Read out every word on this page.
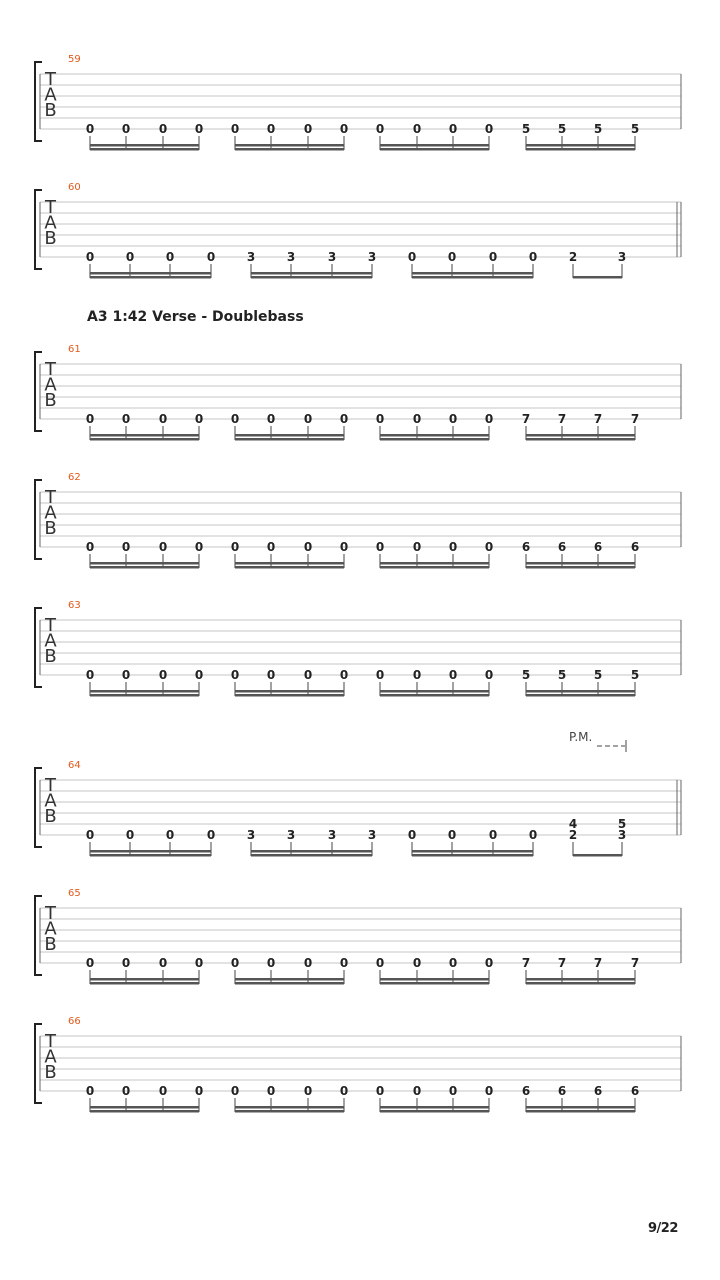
59
T
A
B
0 0 0 0 0 0 0 0 0 0 0 0 5 5 5 5
60
T
A
B
0	0	0	0	3	3	3	3	0	0	0	0	2	3
61
T
A
B
0 0 0 0 0 0 0 0 0 0 0 0 7 7 7 7
62
T
A
B
0 0 0 0 0 0 0 0 0 0 0 0 6 6 6 6
63
T
A
B
0 0 0 0 0 0 0 0 0 0 0 0 5 5 5 5
64
T
A
B
0	0	0	0	3	3	3	3	0	0	0	0	2	3
4	5
65
T
A
B
0 0 0 0 0 0 0 0 0 0 0 0 7 7 7 7
66
T
A
B
0 0 0 0 0 0 0 0 0 0 0 0 6 6 6 6
A3 1:42 Verse - Doublebass
P.M.
9/22
